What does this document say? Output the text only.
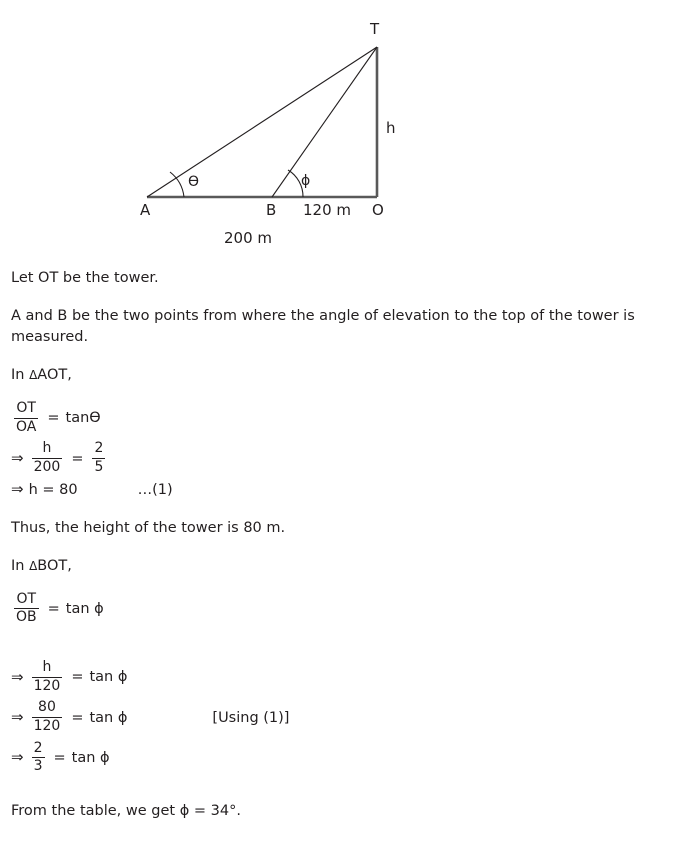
T
A	B	O
h
120 m
200 m
ϴ	ɸ

Let OT be the tower.

A and B be the two points from where the angle of elevation to the top of the tower is measured.

In ΔAOT,

$\frac{OT}{OA} = \tan ϴ$
⇒ $\frac{h}{200} = \frac{2}{5}$
⇒ h = 80	…(1)

Thus, the height of the tower is 80 m.

In ΔBOT,

$\frac{OT}{OB} = \tan$ ɸ
⇒ $\frac{h}{120} = \tan$ ɸ
⇒ $\frac{80}{120} = \tan$ ɸ	[Using (1)]
⇒ $\frac{2}{3} = \tan$ ɸ

From the table, we get ɸ = 34°.
